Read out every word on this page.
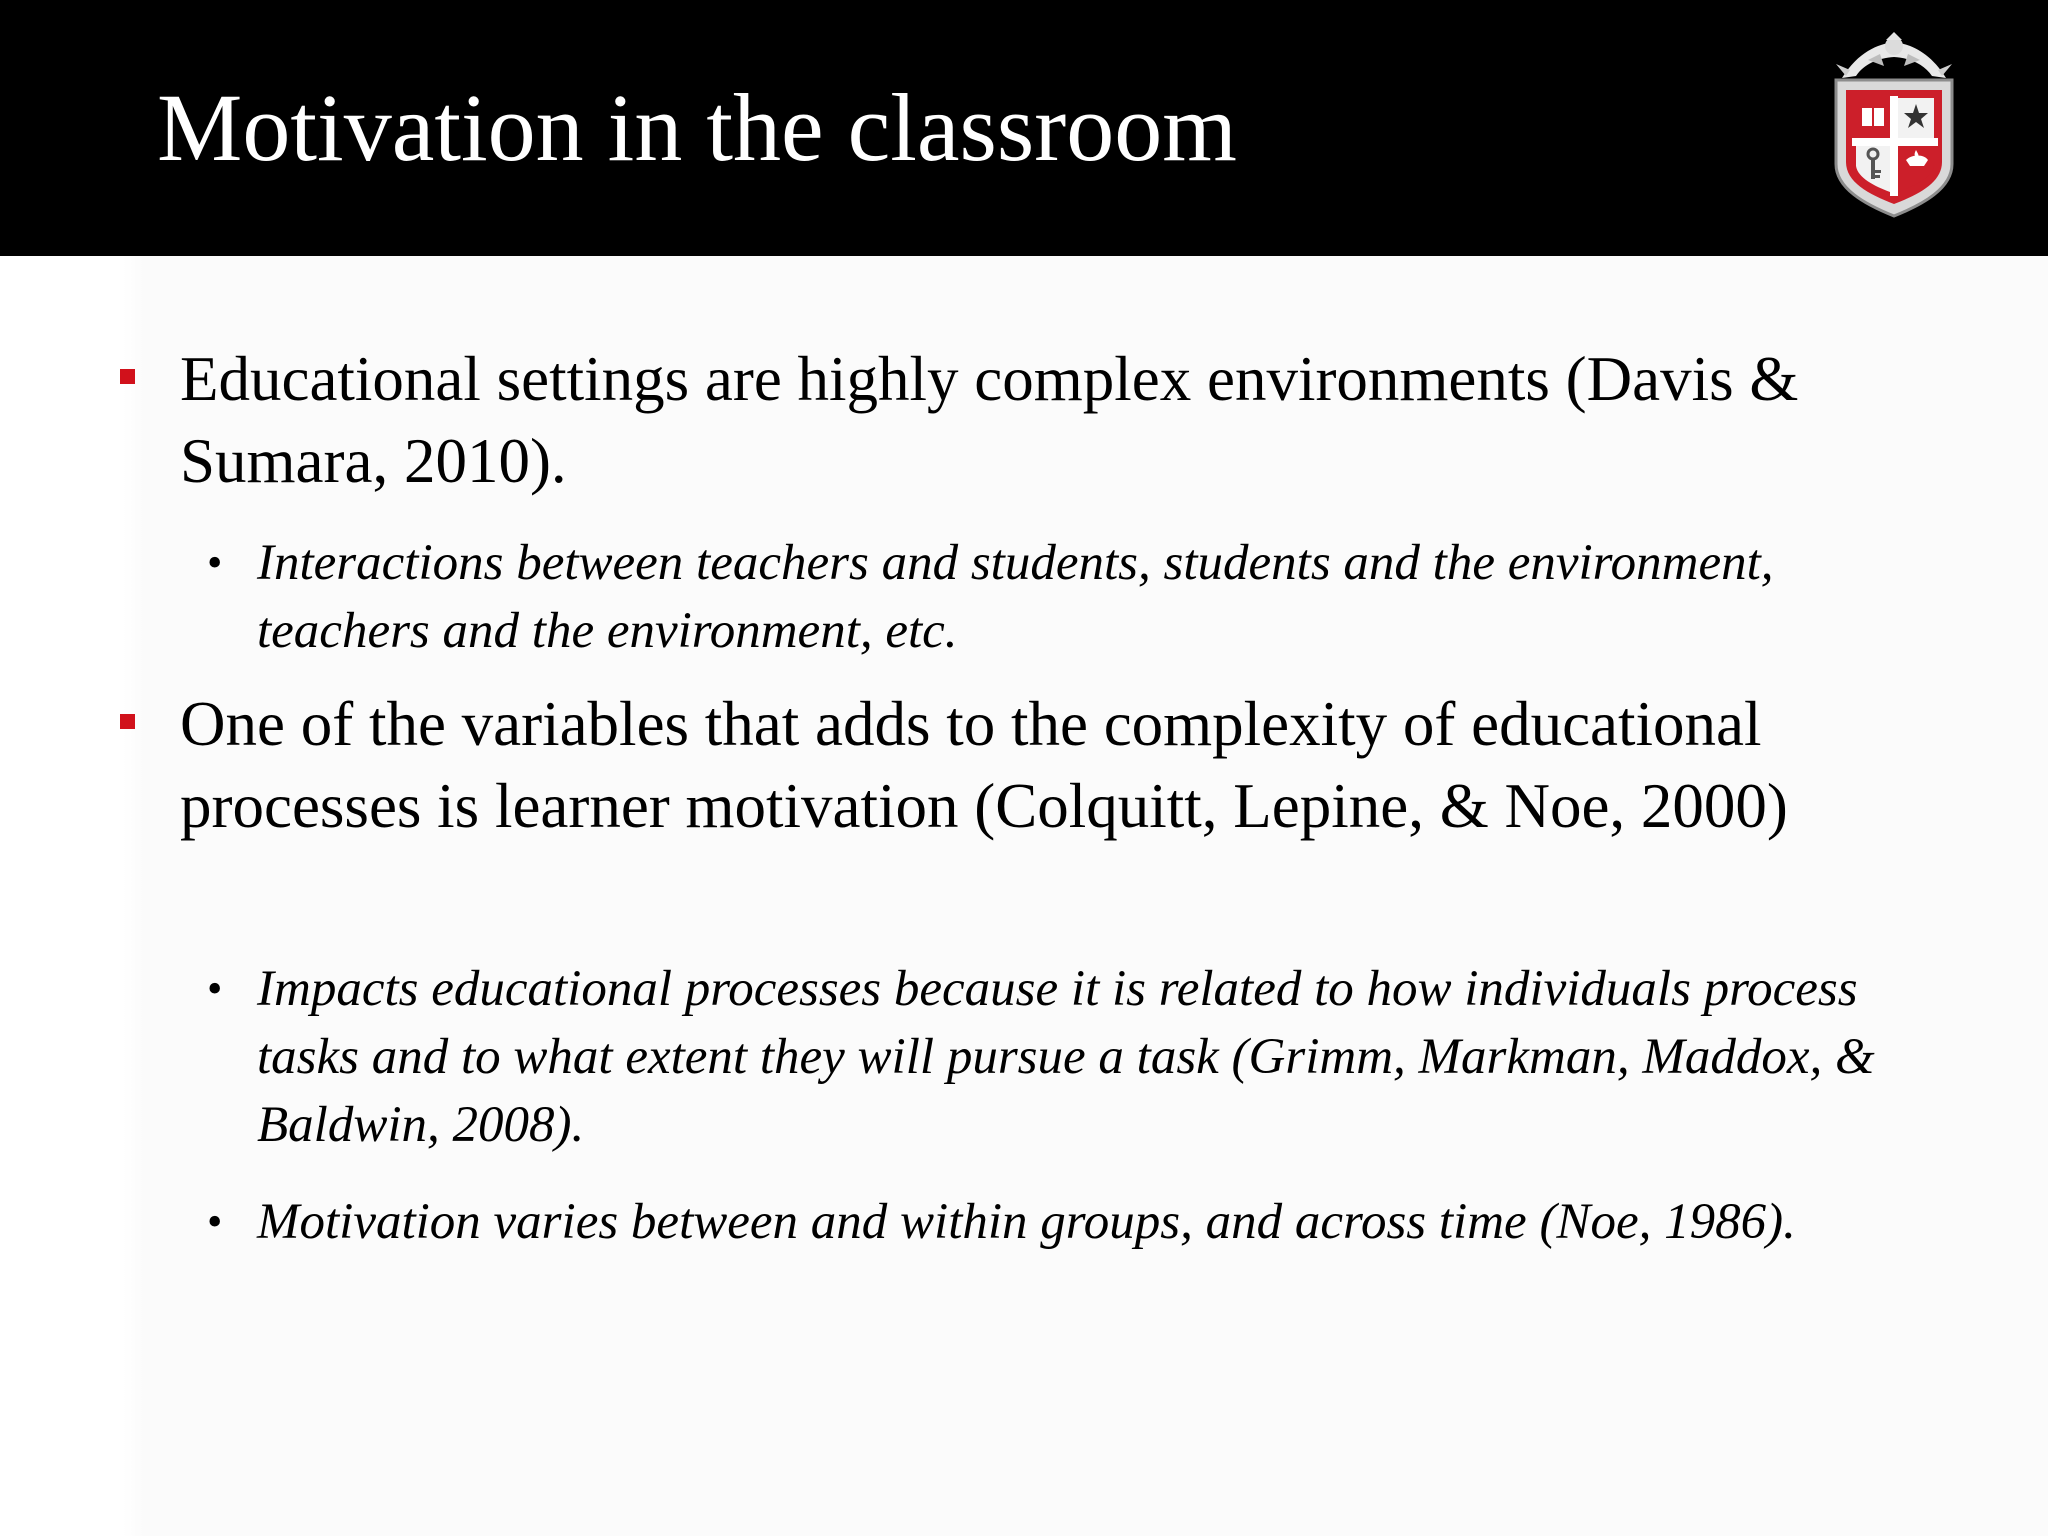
Motivation in the classroom

Educational settings are highly complex environments (Davis & Sumara, 2010).

• Interactions between teachers and students, students and the environment, teachers and the environment, etc.

One of the variables that adds to the complexity of educational processes is learner motivation (Colquitt, Lepine, & Noe, 2000)

• Impacts educational processes because it is related to how individuals process tasks and to what extent they will pursue a task (Grimm, Markman, Maddox, & Baldwin, 2008).

• Motivation varies between and within groups, and across time (Noe, 1986).
